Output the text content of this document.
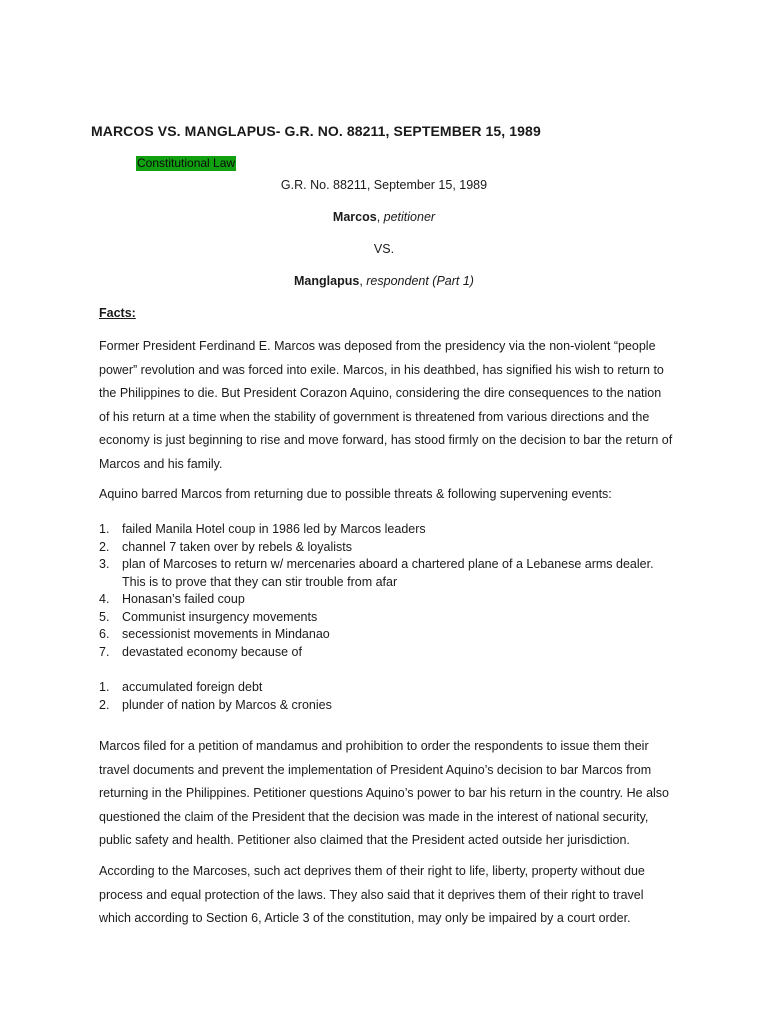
MARCOS VS. MANGLAPUS- G.R. NO. 88211, SEPTEMBER 15, 1989
Constitutional Law
G.R. No. 88211, September 15, 1989
Marcos, petitioner
VS.
Manglapus, respondent (Part 1)
Facts:
Former President Ferdinand E. Marcos was deposed from the presidency via the non-violent “people
power” revolution and was forced into exile. Marcos, in his deathbed, has signified his wish to return to
the Philippines to die. But President Corazon Aquino, considering the dire consequences to the nation
of his return at a time when the stability of government is threatened from various directions and the
economy is just beginning to rise and move forward, has stood firmly on the decision to bar the return of
Marcos and his family.
Aquino barred Marcos from returning due to possible threats & following supervening events:
1. failed Manila Hotel coup in 1986 led by Marcos leaders
2. channel 7 taken over by rebels & loyalists
3. plan of Marcoses to return w/ mercenaries aboard a chartered plane of a Lebanese arms dealer.
This is to prove that they can stir trouble from afar
4. Honasan’s failed coup
5. Communist insurgency movements
6. secessionist movements in Mindanao
7. devastated economy because of
1. accumulated foreign debt
2. plunder of nation by Marcos & cronies
Marcos filed for a petition of mandamus and prohibition to order the respondents to issue them their
travel documents and prevent the implementation of President Aquino’s decision to bar Marcos from
returning in the Philippines. Petitioner questions Aquino’s power to bar his return in the country. He also
questioned the claim of the President that the decision was made in the interest of national security,
public safety and health. Petitioner also claimed that the President acted outside her jurisdiction.
According to the Marcoses, such act deprives them of their right to life, liberty, property without due
process and equal protection of the laws. They also said that it deprives them of their right to travel
which according to Section 6, Article 3 of the constitution, may only be impaired by a court order.
